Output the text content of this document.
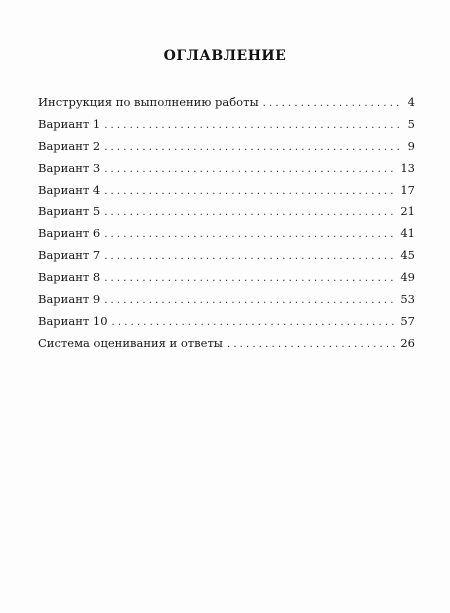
ОГЛАВЛЕНИЕ
Инструкция по выполнению работы . . .	4
Вариант 1 . . .	5
Вариант 2 . . .	9
Вариант 3 . . .	13
Вариант 4 . . .	17
Вариант 5 . . .	21
Вариант 6 . . .	41
Вариант 7 . . .	45
Вариант 8 . . .	49
Вариант 9 . . .	53
Вариант 10 . . .	57
Система оценивания и ответы . . .	26
